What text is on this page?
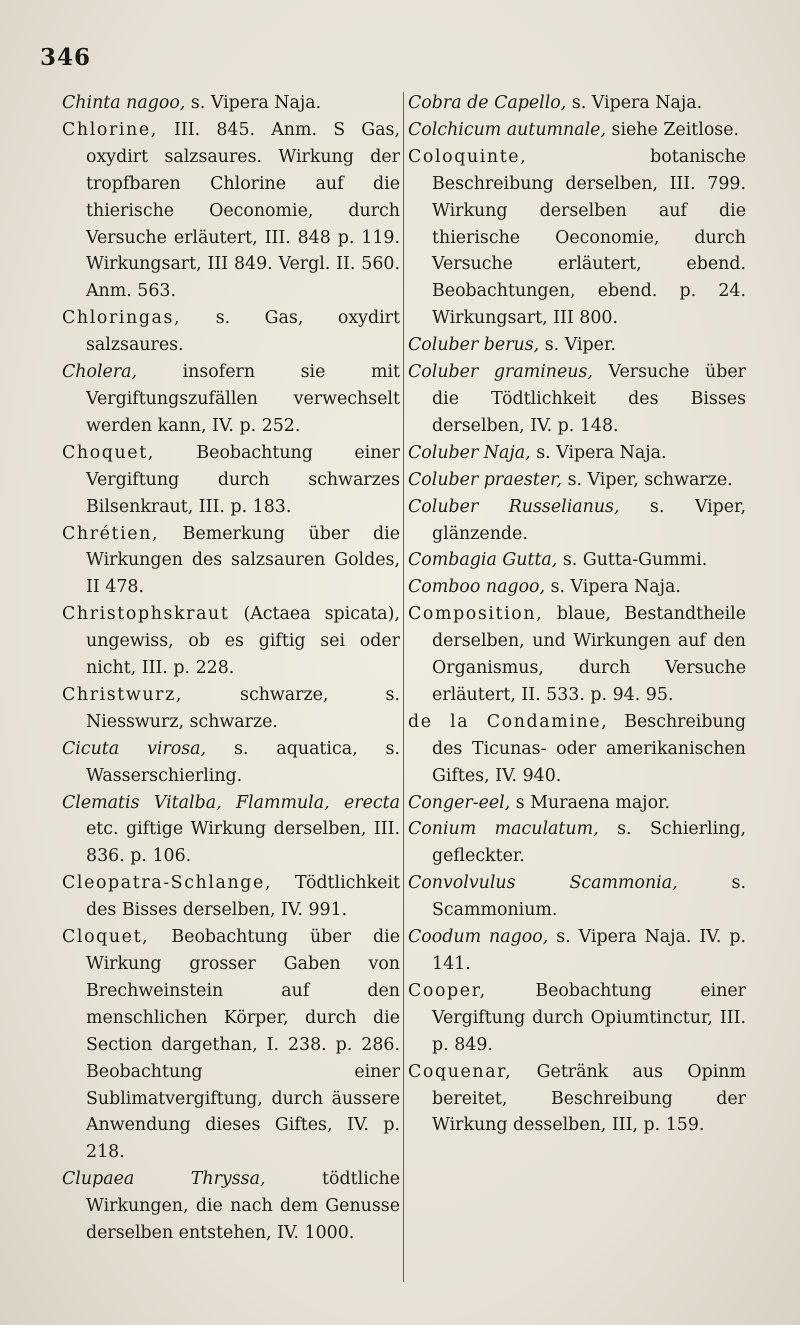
346

Chinta nagoo, s. Vipera Naja.

Chlorine, III. 845. Anm. S Gas, oxydirt salzsaures. Wirkung der tropfbaren Chlorine auf die thierische Oeconomie, durch Versuche erläutert, III. 848 p. 119. Wirkungsart, III 849. Vergl. II. 560. Anm. 563.

Chloringas, s. Gas, oxydirt salzsaures.

Cholera, insofern sie mit Vergiftungszufällen verwechselt werden kann, IV. p. 252.

Choquet, Beobachtung einer Vergiftung durch schwarzes Bilsenkraut, III. p. 183.

Chrétien, Bemerkung über die Wirkungen des salzsauren Goldes, II 478.

Christophskraut (Actaea spicata), ungewiss, ob es giftig sei oder nicht, III. p. 228.

Christwurz, schwarze, s. Niesswurz, schwarze.

Cicuta virosa, s. aquatica, s. Wasserschierling.

Clematis Vitalba, Flammula, erecta etc. giftige Wirkung derselben, III. 836. p. 106.

Cleopatra-Schlange, Tödtlichkeit des Bisses derselben, IV. 991.

Cloquet, Beobachtung über die Wirkung grosser Gaben von Brechweinstein auf den menschlichen Körper, durch die Section dargethan, I. 238. p. 286. Beobachtung einer Sublimatvergiftung, durch äussere Anwendung dieses Giftes, IV. p. 218.

Clupaea Thryssa, tödtliche Wirkungen, die nach dem Genusse derselben entstehen, IV. 1000.

Cobra de Capello, s. Vipera Naja.

Colchicum autumnale, siehe Zeitlose.

Coloquinte, botanische Beschreibung derselben, III. 799. Wirkung derselben auf die thierische Oeconomie, durch Versuche erläutert, ebend. Beobachtungen, ebend. p. 24. Wirkungsart, III 800.

Coluber berus, s. Viper.

Coluber gramineus, Versuche über die Tödtlichkeit des Bisses derselben, IV. p. 148.

Coluber Naja, s. Vipera Naja.

Coluber praester, s. Viper, schwarze.

Coluber Russelianus, s. Viper, glänzende.

Combagia Gutta, s. Gutta-Gummi.

Comboo nagoo, s. Vipera Naja.

Composition, blaue, Bestandtheile derselben, und Wirkungen auf den Organismus, durch Versuche erläutert, II. 533. p. 94. 95.

de la Condamine, Beschreibung des Ticunas- oder amerikanischen Giftes, IV. 940.

Conger-eel, s Muraena major.

Conium maculatum, s. Schierling, gefleckter.

Convolvulus Scammonia, s. Scammonium.

Coodum nagoo, s. Vipera Naja. IV. p. 141.

Cooper, Beobachtung einer Vergiftung durch Opiumtinctur, III. p. 849.

Coquenar, Getränk aus Opinm bereitet, Beschreibung der Wirkung desselben, III, p. 159.
